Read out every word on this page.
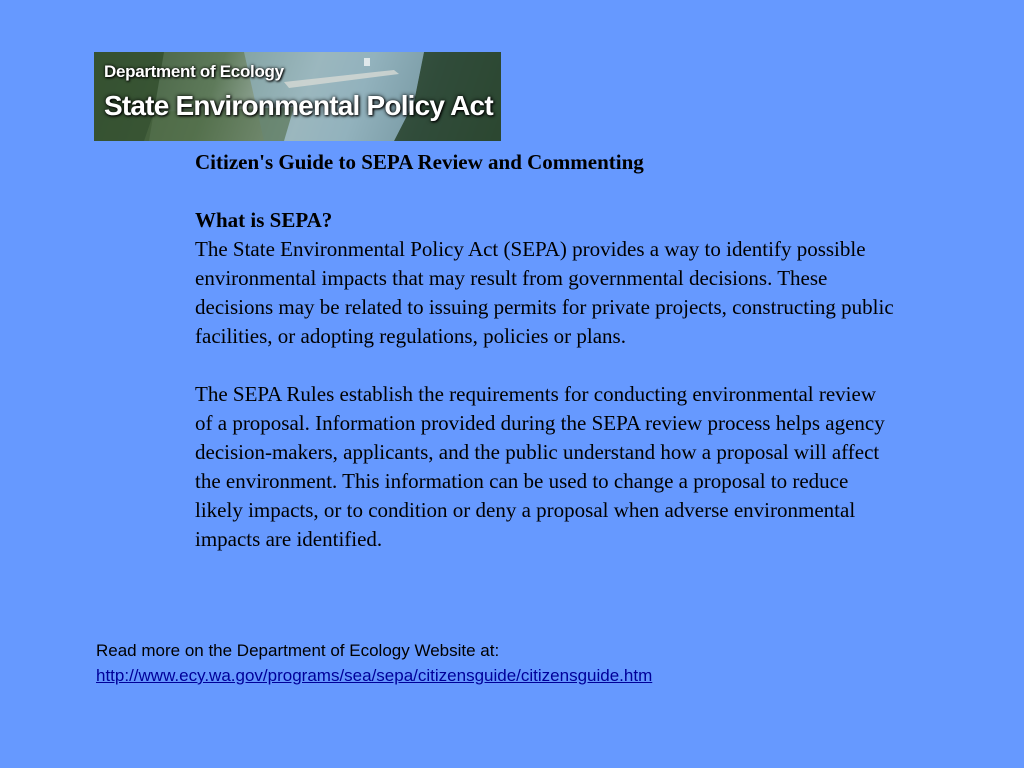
Department of Ecology
State Environmental Policy Act

Citizen's Guide to SEPA Review and Commenting

What is SEPA?

The State Environmental Policy Act (SEPA) provides a way to identify possible environmental impacts that may result from governmental decisions. These decisions may be related to issuing permits for private projects, constructing public facilities, or adopting regulations, policies or plans.

The SEPA Rules establish the requirements for conducting environmental review of a proposal. Information provided during the SEPA review process helps agency decision-makers, applicants, and the public understand how a proposal will affect the environment. This information can be used to change a proposal to reduce likely impacts, or to condition or deny a proposal when adverse environmental impacts are identified.

Read more on the Department of Ecology Website at:
http://www.ecy.wa.gov/programs/sea/sepa/citizensguide/citizensguide.htm
